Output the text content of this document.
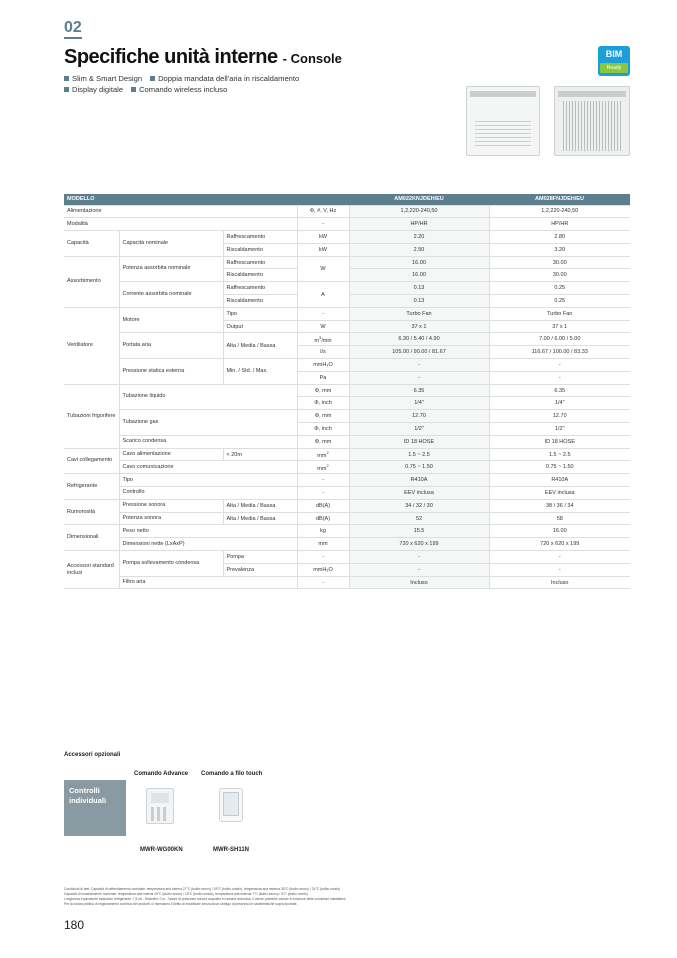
02
Specifiche unità interne - Console
Slim & Smart Design Doppia mandata dell'aria in riscaldamento
Display digitale Comando wireless incluso
BIM
Ready
MODELLO				AM022KNJDEH/EU	AM028FNJDEH/EU
Alimentazione			Φ, #, V, Hz	1,2,220-240,50	1,2,220-240,50
Modalità			-	HP/HR	HP/HR
Capacità	Capacità nominale	Raffrescamento	kW	2.20	2.80
		Riscaldamento	kW	2.50	3.20
Assorbimento	Potenza assorbita nominale	Raffrescamento	W	16.00	30.00
		Riscaldamento		16.00	30.00
	Corrente assorbita nominale	Raffrescamento	A	0.13	0.25
		Riscaldamento		0.13	0.25
Ventilatore	Motore	Tipo	-	Turbo Fan	Turbo Fan
		Output	W	37 x 1	37 x 1
	Portata aria	Alta / Media / Bassa	$m^3/\min$	6.30 / 5.40 / 4.90	7.00 / 6.00 / 5.00
			l/s	105.00 / 90.00 / 81.67	116.67 / 100.00 / 83.33
	Pressione statica esterna	Min. / Std. / Max.	mmH₂O	-	-
			Pa	-	-
Tubazioni frigorifere	Tubazione liquido		Φ, mm	6.35	6.35
			Φ, inch	1/4"	1/4"
	Tubazione gas		Φ, mm	12.70	12.70
			Φ, inch	1/2"	1/2"
	Scarico condensa		Φ, mm	ID 18 HOSE	ID 18 HOSE
Cavi collegamento	Cavo alimentazione	< 20m	$mm^2$	1.5 ~ 2.5	1.5 ~ 2.5
	Cavo comunicazione		$mm^2$	0.75 ~ 1.50	0.75 ~ 1.50
Refrigerante	Tipo		-	R410A	R410A
	Controllo		-	EEV inclusa	EEV inclusa
Rumorosità	Pressione sonora	Alta / Media / Bassa	dB(A)	34 / 32 / 30	38 / 36 / 34
	Potenza sonora	Alta / Media / Bassa	dB(A)	52	58
Dimensionali	Peso netto		kg	15.5	16.00
	Dimensioni nette (LxAxP)		mm	720 x 620 x 199	720 x 620 x 199
Accessori standard inclusi	Pompa sollevamento condensa	Pompa	-	-	-
		Prevalenza	mmH₂O	-	-
	Filtro aria		-	Incluso	Incluso
Accessori opzionali
Comando Advance Comando a filo touch
Controlli individuali
MWR-WG00KN	MWR-SH11N
Condizioni di test: Capacità di raffreddamento nominale: temperatura aria interna 27°C (bulbo secco) / 19°C (bulbo umido), temperatura aria esterna 35°C (bulbo secco) / 24°C (bulbo umido)
Capacità di riscaldamento nominale: temperatura aria interna 20°C (bulbo secco) / 15°C (bulbo umido), temperatura aria esterna 7°C (bulbo secco) / 6°C (bulbo umido)
Lunghezza equivalente tubazione refrigerante: 7,5 mt - Dislivello: 0 m - Valore di pressione sonora acquisito in camera anecoica. Il valore potrebbe variare in funzione delle condizioni installative.
Per la nostra politica di miglioramento continuo dei prodotti, ci riserviamo il diritto di modificare senza alcun obbligo di preavviso le caratteristiche sopra riportate.
180
